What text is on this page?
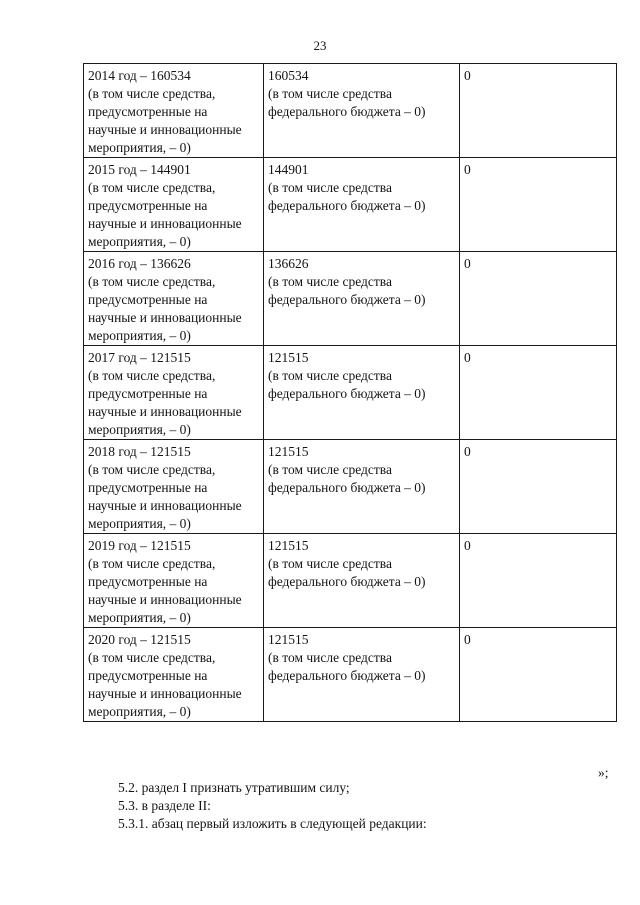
23
2014 год – 160534
(в том числе средства,
предусмотренные на
научные и инновационные
мероприятия, – 0)	160534
(в том числе средства
федерального бюджета – 0)	0

2015 год – 144901
(в том числе средства,
предусмотренные на
научные и инновационные
мероприятия, – 0)	144901
(в том числе средства
федерального бюджета – 0)	0

2016 год – 136626
(в том числе средства,
предусмотренные на
научные и инновационные
мероприятия, – 0)	136626
(в том числе средства
федерального бюджета – 0)	0

2017 год – 121515
(в том числе средства,
предусмотренные на
научные и инновационные
мероприятия, – 0)	121515
(в том числе средства
федерального бюджета – 0)	0

2018 год – 121515
(в том числе средства,
предусмотренные на
научные и инновационные
мероприятия, – 0)	121515
(в том числе средства
федерального бюджета – 0)	0

2019 год – 121515
(в том числе средства,
предусмотренные на
научные и инновационные
мероприятия, – 0)	121515
(в том числе средства
федерального бюджета – 0)	0

2020 год – 121515
(в том числе средства,
предусмотренные на
научные и инновационные
мероприятия, – 0)	121515
(в том числе средства
федерального бюджета – 0)	0
»;
5.2. раздел I признать утратившим силу;
5.3. в разделе II:
5.3.1. абзац первый изложить в следующей редакции:
